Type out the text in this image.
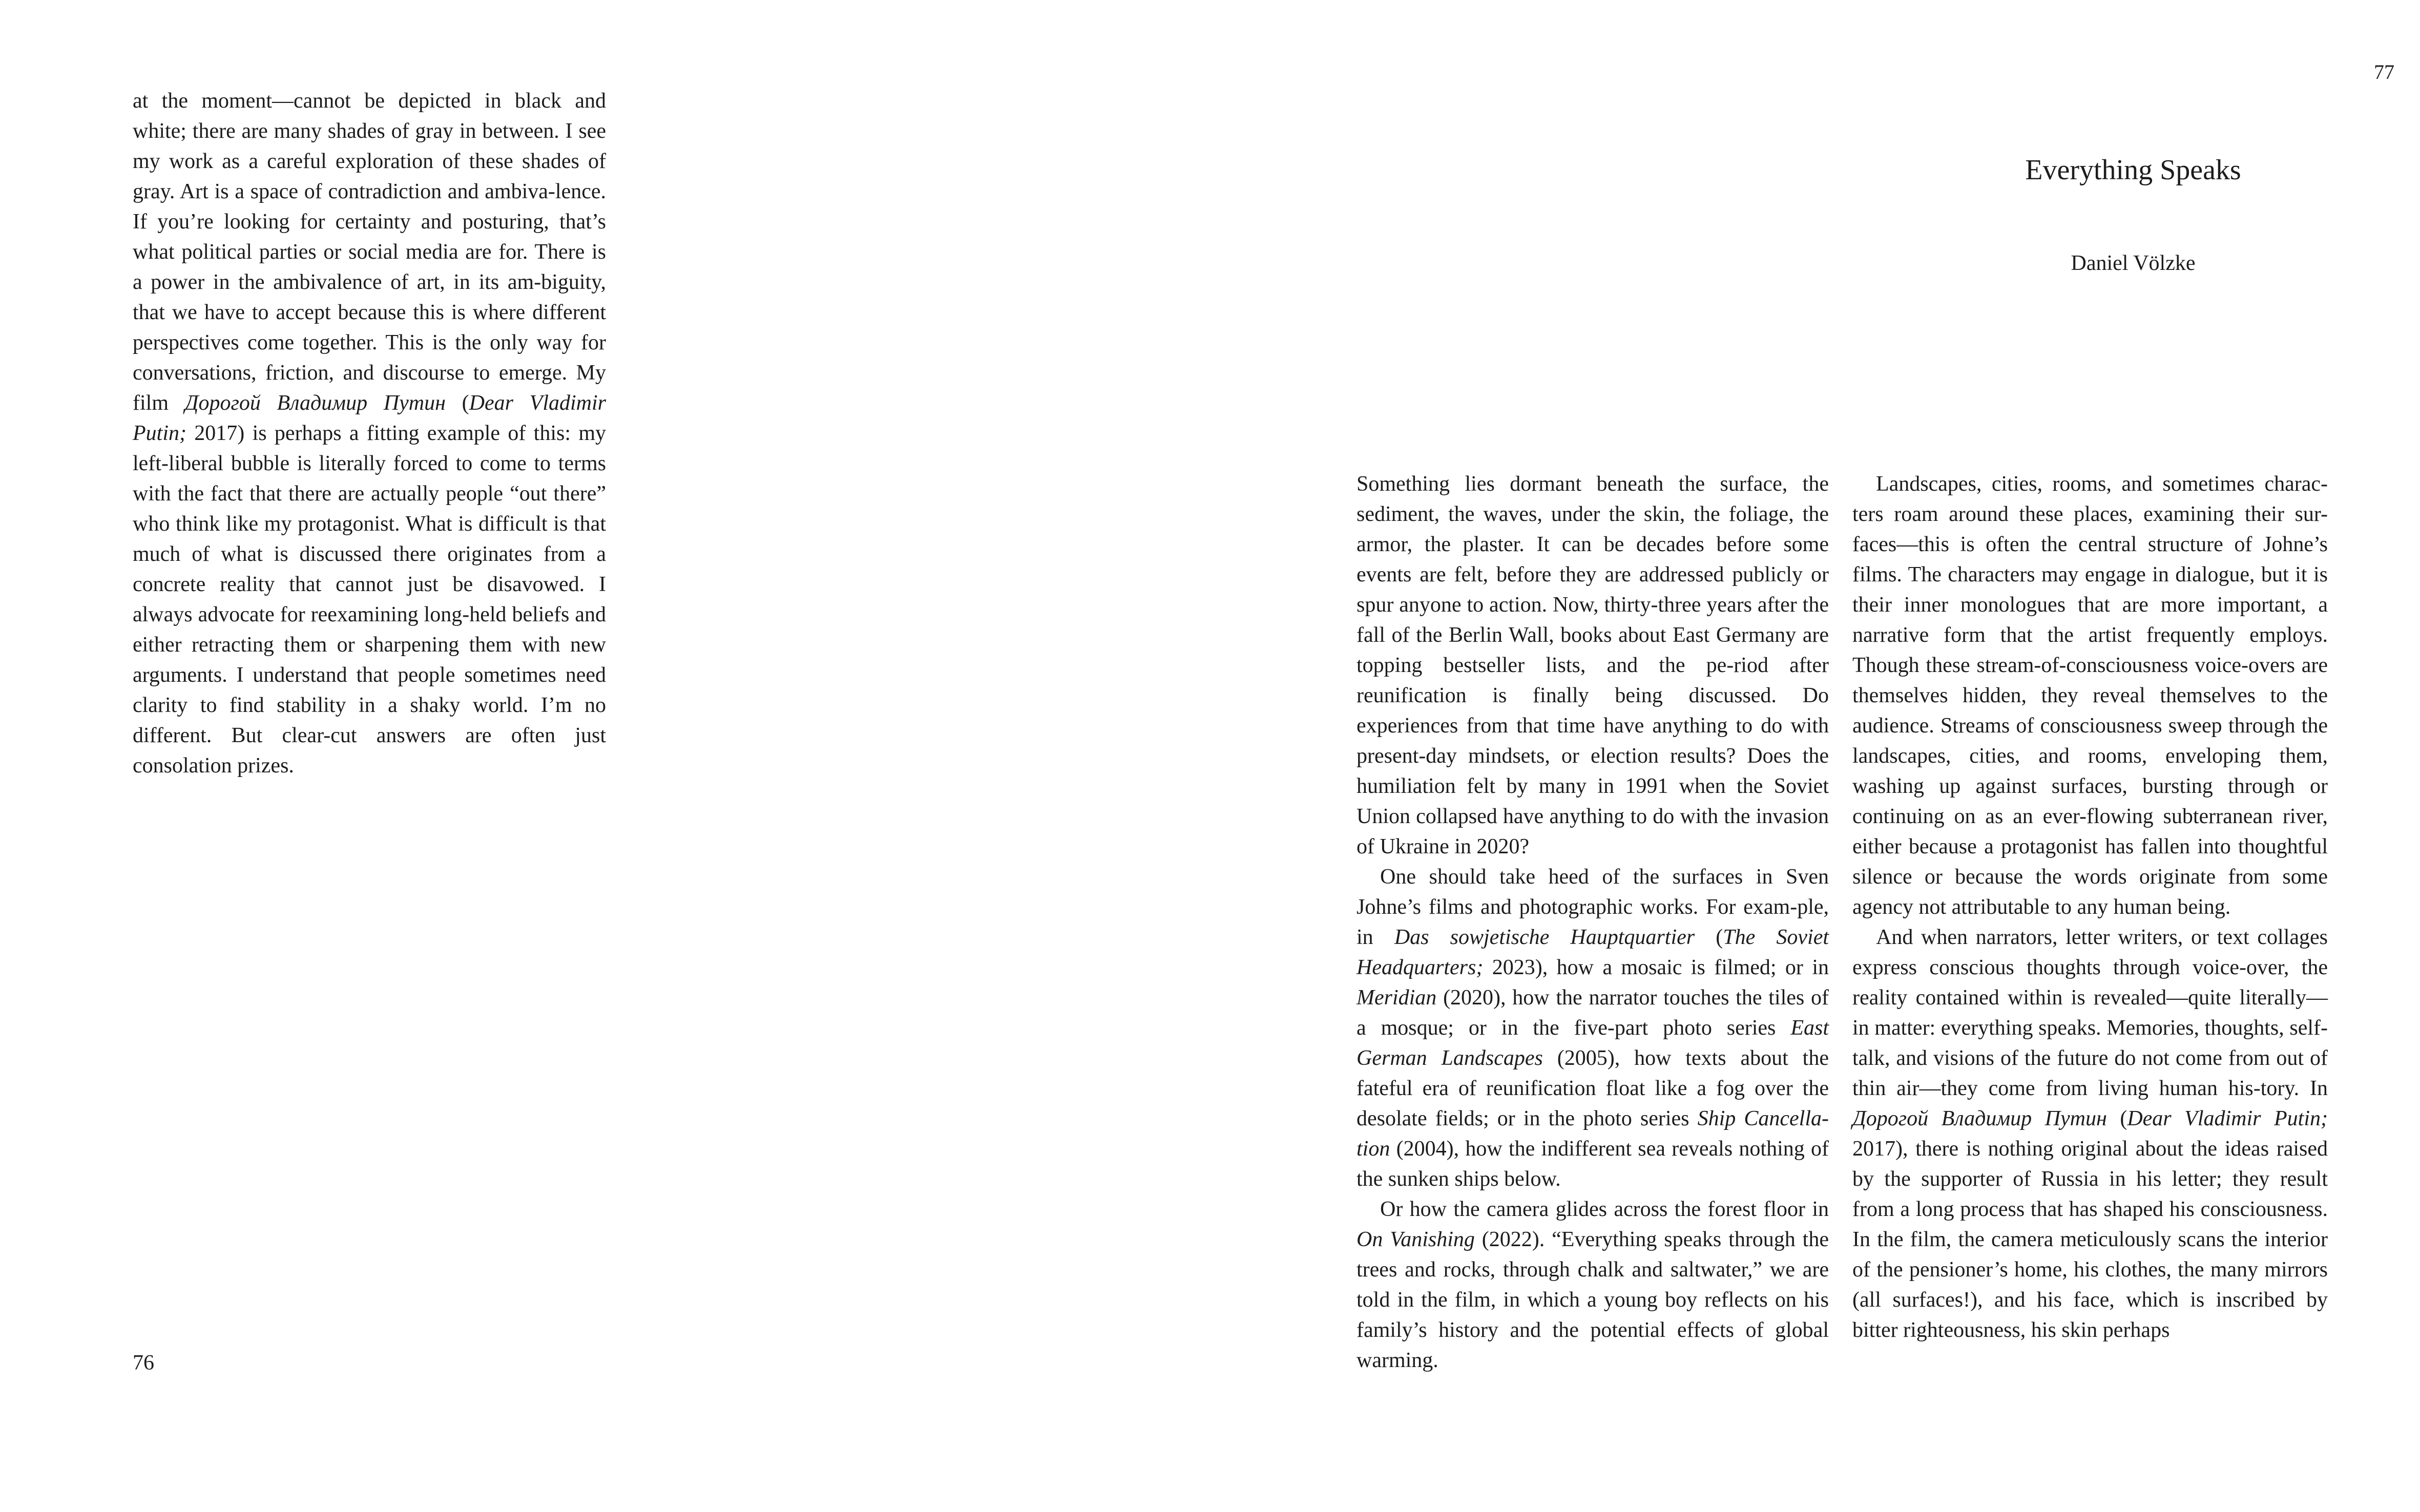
at the moment—cannot be depicted in black and white; there are many shades of gray in between. I see my work as a careful exploration of these shades of gray. Art is a space of contradiction and ambiva-lence. If you’re looking for certainty and posturing, that’s what political parties or social media are for. There is a power in the ambivalence of art, in its am-biguity, that we have to accept because this is where different perspectives come together. This is the only way for conversations, friction, and discourse to emerge. My film Дорогой Владимир Путин (Dear Vladimir Putin; 2017) is perhaps a fitting example of this: my left-liberal bubble is literally forced to come to terms with the fact that there are actually people “out there” who think like my protagonist. What is difficult is that much of what is discussed there originates from a concrete reality that cannot just be disavowed. I always advocate for reexamining long-held beliefs and either retracting them or sharpening them with new arguments. I understand that people sometimes need clarity to find stability in a shaky world. I’m no different. But clear-cut answers are often just consolation prizes.

76
77
Everything Speaks
Daniel Völzke

Something lies dormant beneath the surface, the sediment, the waves, under the skin, the foliage, the armor, the plaster. It can be decades before some events are felt, before they are addressed publicly or spur anyone to action. Now, thirty-three years after the fall of the Berlin Wall, books about East Germany are topping bestseller lists, and the pe-riod after reunification is finally being discussed. Do experiences from that time have anything to do with present-day mindsets, or election results? Does the humiliation felt by many in 1991 when the Soviet Union collapsed have anything to do with the invasion of Ukraine in 2020?

One should take heed of the surfaces in Sven Johne’s films and photographic works. For exam-ple, in Das sowjetische Hauptquartier (The Soviet Headquarters; 2023), how a mosaic is filmed; or in Meridian (2020), how the narrator touches the tiles of a mosque; or in the five-part photo series East German Landscapes (2005), how texts about the fateful era of reunification float like a fog over the desolate fields; or in the photo series Ship Cancella-tion (2004), how the indifferent sea reveals nothing of the sunken ships below.

Or how the camera glides across the forest floor in On Vanishing (2022). “Everything speaks through the trees and rocks, through chalk and saltwater,” we are told in the film, in which a young boy reflects on his family’s history and the potential effects of global warming.

Landscapes, cities, rooms, and sometimes charac-ters roam around these places, examining their sur-faces—this is often the central structure of Johne’s films. The characters may engage in dialogue, but it is their inner monologues that are more important, a narrative form that the artist frequently employs. Though these stream-of-consciousness voice-overs are themselves hidden, they reveal themselves to the audience. Streams of consciousness sweep through the landscapes, cities, and rooms, enveloping them, washing up against surfaces, bursting through or continuing on as an ever-flowing subterranean river, either because a protagonist has fallen into thoughtful silence or because the words originate from some agency not attributable to any human being.

And when narrators, letter writers, or text collages express conscious thoughts through voice-over, the reality contained within is revealed—quite literally—in matter: everything speaks. Memories, thoughts, self-talk, and visions of the future do not come from out of thin air—they come from living human his-tory. In Дорогой Владимир Путин (Dear Vladimir Putin; 2017), there is nothing original about the ideas raised by the supporter of Russia in his letter; they result from a long process that has shaped his consciousness. In the film, the camera meticulously scans the interior of the pensioner’s home, his clothes, the many mirrors (all surfaces!), and his face, which is inscribed by bitter righteousness, his skin perhaps
